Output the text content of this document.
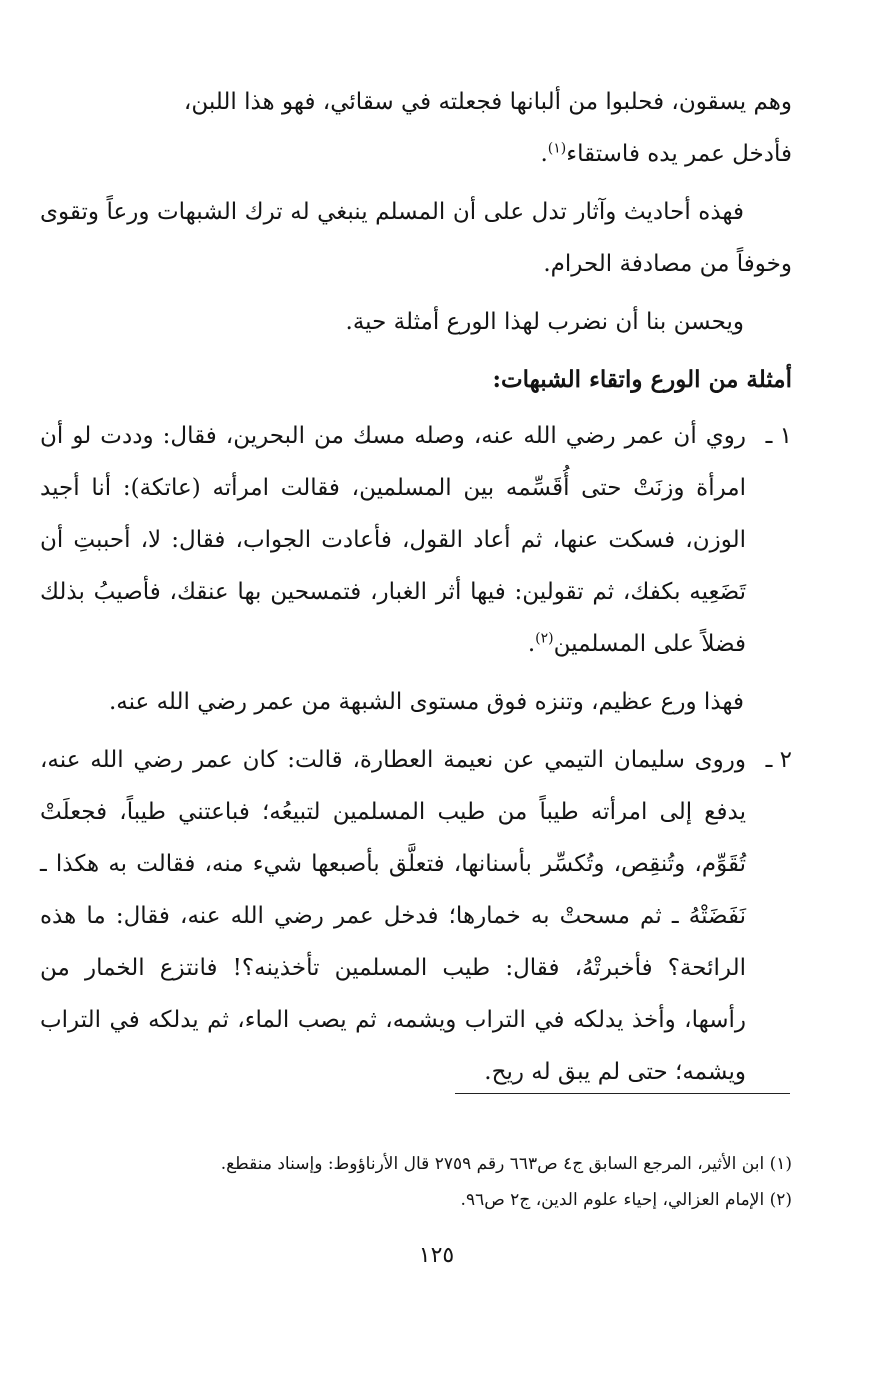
وهم يسقون، فحلبوا من ألبانها فجعلته في سقائي، فهو هذا اللبن،
فأدخل عمر يده فاستقاء$^{(١)}$.

فهذه أحاديث وآثار تدل على أن المسلم ينبغي له ترك الشبهات ورعاً وتقوى وخوفاً من مصادفة الحرام.

ويحسن بنا أن نضرب لهذا الورع أمثلة حية.

أمثلة من الورع واتقاء الشبهات:

١ ـ
روي أن عمر رضي الله عنه، وصله مسك من البحرين، فقال: وددت لو أن امرأة وزنَتْ حتى أُقَسِّمه بين المسلمين، فقالت امرأته (عاتكة): أنا أجيد الوزن، فسكت عنها، ثم أعاد القول، فأعادت الجواب، فقال: لا، أحببتِ أن تَضَعِيه بكفك، ثم تقولين: فيها أثر الغبار، فتمسحين بها عنقك، فأصيبُ بذلك فضلاً على المسلمين$^{(٢)}$.

فهذا ورع عظيم، وتنزه فوق مستوى الشبهة من عمر رضي الله عنه.

٢ ـ
وروى سليمان التيمي عن نعيمة العطارة، قالت: كان عمر رضي الله عنه، يدفع إلى امرأته طيباً من طيب المسلمين لتبيعُه؛ فباعتني طيباً، فجعلَتْ تُقَوِّم، وتُنقِص، وتُكسِّر بأسنانها، فتعلَّق بأصبعها شيء منه، فقالت به هكذا ـ نَفَضَتْهُ ـ ثم مسحتْ به خمارها؛ فدخل عمر رضي الله عنه، فقال: ما هذه الرائحة؟ فأخبرتْهُ، فقال: طيب المسلمين تأخذينه؟! فانتزع الخمار من رأسها، وأخذ يدلكه في التراب ويشمه، ثم يصب الماء، ثم يدلكه في التراب ويشمه؛ حتى لم يبق له ريح.

(١) ابن الأثير، المرجع السابق ج٤ ص٦٦٣ رقم ٢٧٥٩ قال الأرناؤوط: وإسناد منقطع.

(٢) الإمام العزالي، إحياء علوم الدين، ج٢ ص٩٦.

١٢٥
